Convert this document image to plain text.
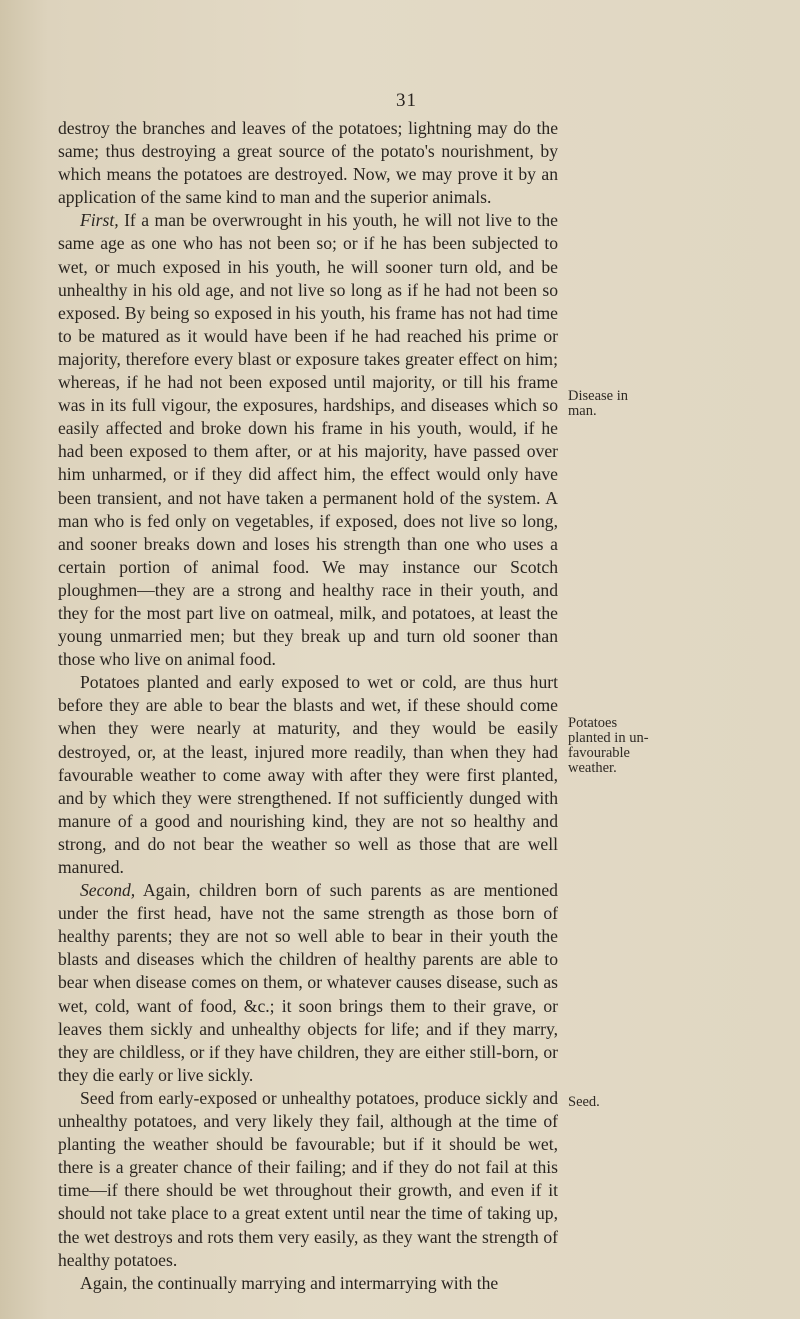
31

destroy the branches and leaves of the potatoes; lightning may do the same; thus destroying a great source of the potato's nourishment, by which means the potatoes are destroyed. Now, we may prove it by an application of the same kind to man and the superior animals.

First, If a man be overwrought in his youth, he will not live to the same age as one who has not been so; or if he has been subjected to wet, or much exposed in his youth, he will sooner turn old, and be unhealthy in his old age, and not live so long as if he had not been so exposed. By being so exposed in his youth, his frame has not had time to be matured as it would have been if he had reached his prime or majority, therefore every blast or exposure takes greater effect on him; whereas, if he had not been exposed until majority, or till his frame was in its full vigour, the exposures, hardships, and diseases which so easily affected and broke down his frame in his youth, would, if he had been exposed to them after, or at his majority, have passed over him unharmed, or if they did affect him, the effect would only have been transient, and not have taken a permanent hold of the system. A man who is fed only on vegetables, if exposed, does not live so long, and sooner breaks down and loses his strength than one who uses a certain portion of animal food. We may instance our Scotch ploughmen—they are a strong and healthy race in their youth, and they for the most part live on oatmeal, milk, and potatoes, at least the young unmarried men; but they break up and turn old sooner than those who live on animal food.

Potatoes planted and early exposed to wet or cold, are thus hurt before they are able to bear the blasts and wet, if these should come when they were nearly at maturity, and they would be easily destroyed, or, at the least, injured more readily, than when they had favourable weather to come away with after they were first planted, and by which they were strengthened. If not sufficiently dunged with manure of a good and nourishing kind, they are not so healthy and strong, and do not bear the weather so well as those that are well manured.

Second, Again, children born of such parents as are mentioned under the first head, have not the same strength as those born of healthy parents; they are not so well able to bear in their youth the blasts and diseases which the children of healthy parents are able to bear when disease comes on them, or whatever causes disease, such as wet, cold, want of food, &c.; it soon brings them to their grave, or leaves them sickly and unhealthy objects for life; and if they marry, they are childless, or if they have children, they are either still-born, or they die early or live sickly.

Seed from early-exposed or unhealthy potatoes, produce sickly and unhealthy potatoes, and very likely they fail, although at the time of planting the weather should be favourable; but if it should be wet, there is a greater chance of their failing; and if they do not fail at this time—if there should be wet throughout their growth, and even if it should not take place to a great extent until near the time of taking up, the wet destroys and rots them very easily, as they want the strength of healthy potatoes.

Again, the continually marrying and intermarrying with the

Disease in
man.
Potatoes
planted in un-
favourable
weather.
Seed.
